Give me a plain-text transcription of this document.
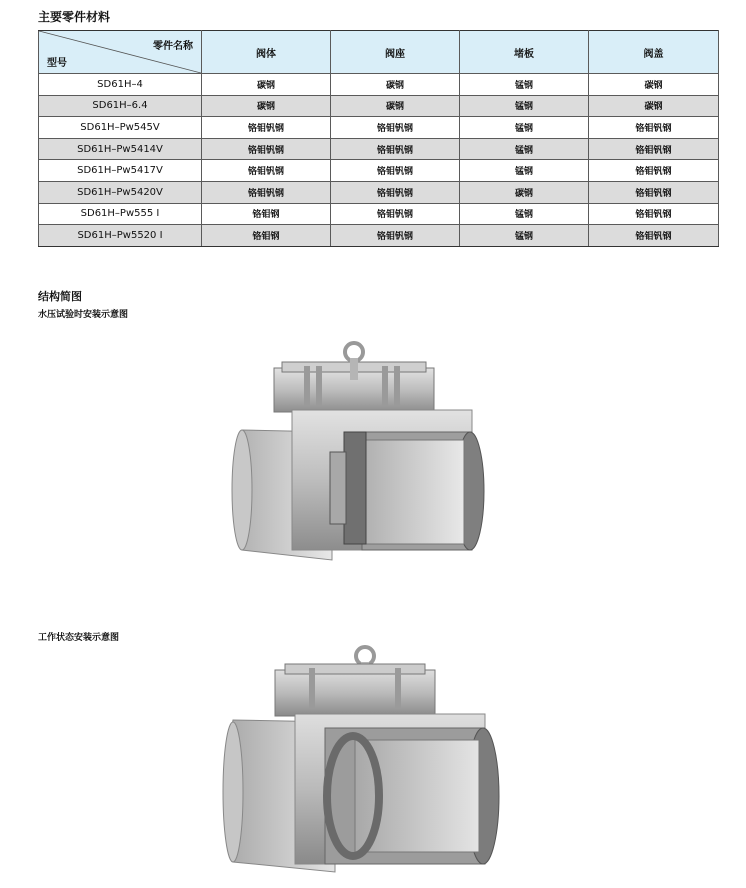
主要零件材料
零件名称
型号	阀体	阀座	堵板	阀盖
SD61H–4	碳钢	碳钢	锰钢	碳钢
SD61H–6.4	碳钢	碳钢	锰钢	碳钢
SD61H–Pw545V	铬钼钒钢	铬钼钒钢	锰钢	铬钼钒钢
SD61H–Pw5414V	铬钼钒钢	铬钼钒钢	锰钢	铬钼钒钢
SD61H–Pw5417V	铬钼钒钢	铬钼钒钢	锰钢	铬钼钒钢
SD61H–Pw5420V	铬钼钒钢	铬钼钒钢	碳钢	铬钼钒钢
SD61H–Pw555 Ⅰ	铬钼钢	铬钼钒钢	锰钢	铬钼钒钢
SD61H–Pw5520 Ⅰ	铬钼钢	铬钼钒钢	锰钢	铬钼钒钢
结构简图
水压试验时安装示意图
工作状态安装示意图
